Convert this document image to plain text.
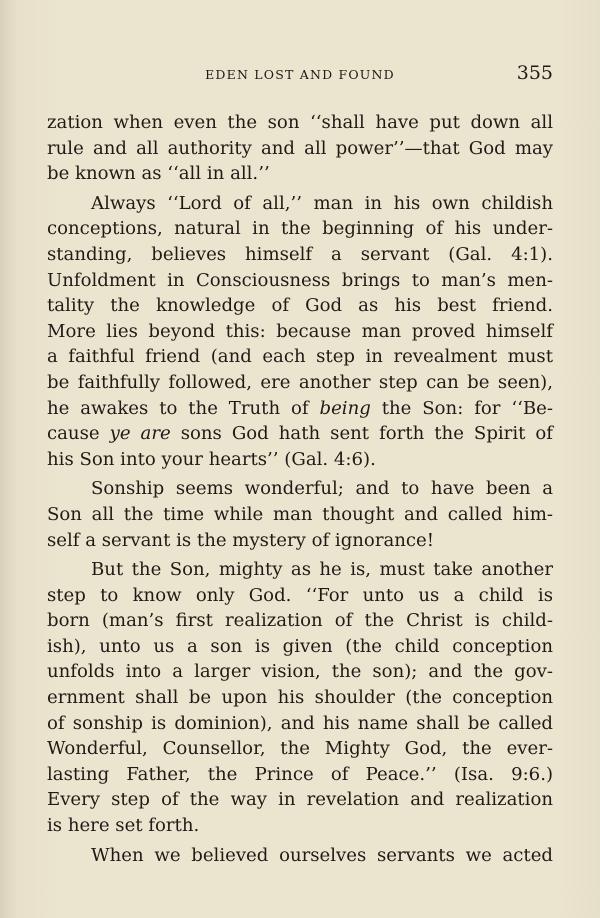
EDEN LOST AND FOUND	355
zation when even the son ‘‘shall have put down all
rule and all authority and all power’’—that God may
be known as ‘‘all in all.’’
Always ‘‘Lord of all,’’ man in his own childish
conceptions, natural in the beginning of his under-
standing, believes himself a servant (Gal. 4:1).
Unfoldment in Consciousness brings to man’s men-
tality the knowledge of God as his best friend.
More lies beyond this: because man proved himself
a faithful friend (and each step in revealment must
be faithfully followed, ere another step can be seen),
he awakes to the Truth of being the Son: for ‘‘Be-
cause ye are sons God hath sent forth the Spirit of
his Son into your hearts’’ (Gal. 4:6).
Sonship seems wonderful; and to have been a
Son all the time while man thought and called him-
self a servant is the mystery of ignorance!
But the Son, mighty as he is, must take another
step to know only God. ‘‘For unto us a child is
born (man’s first realization of the Christ is child-
ish), unto us a son is given (the child conception
unfolds into a larger vision, the son); and the gov-
ernment shall be upon his shoulder (the conception
of sonship is dominion), and his name shall be called
Wonderful, Counsellor, the Mighty God, the ever-
lasting Father, the Prince of Peace.’’ (Isa. 9:6.)
Every step of the way in revelation and realization
is here set forth.
When we believed ourselves servants we acted
